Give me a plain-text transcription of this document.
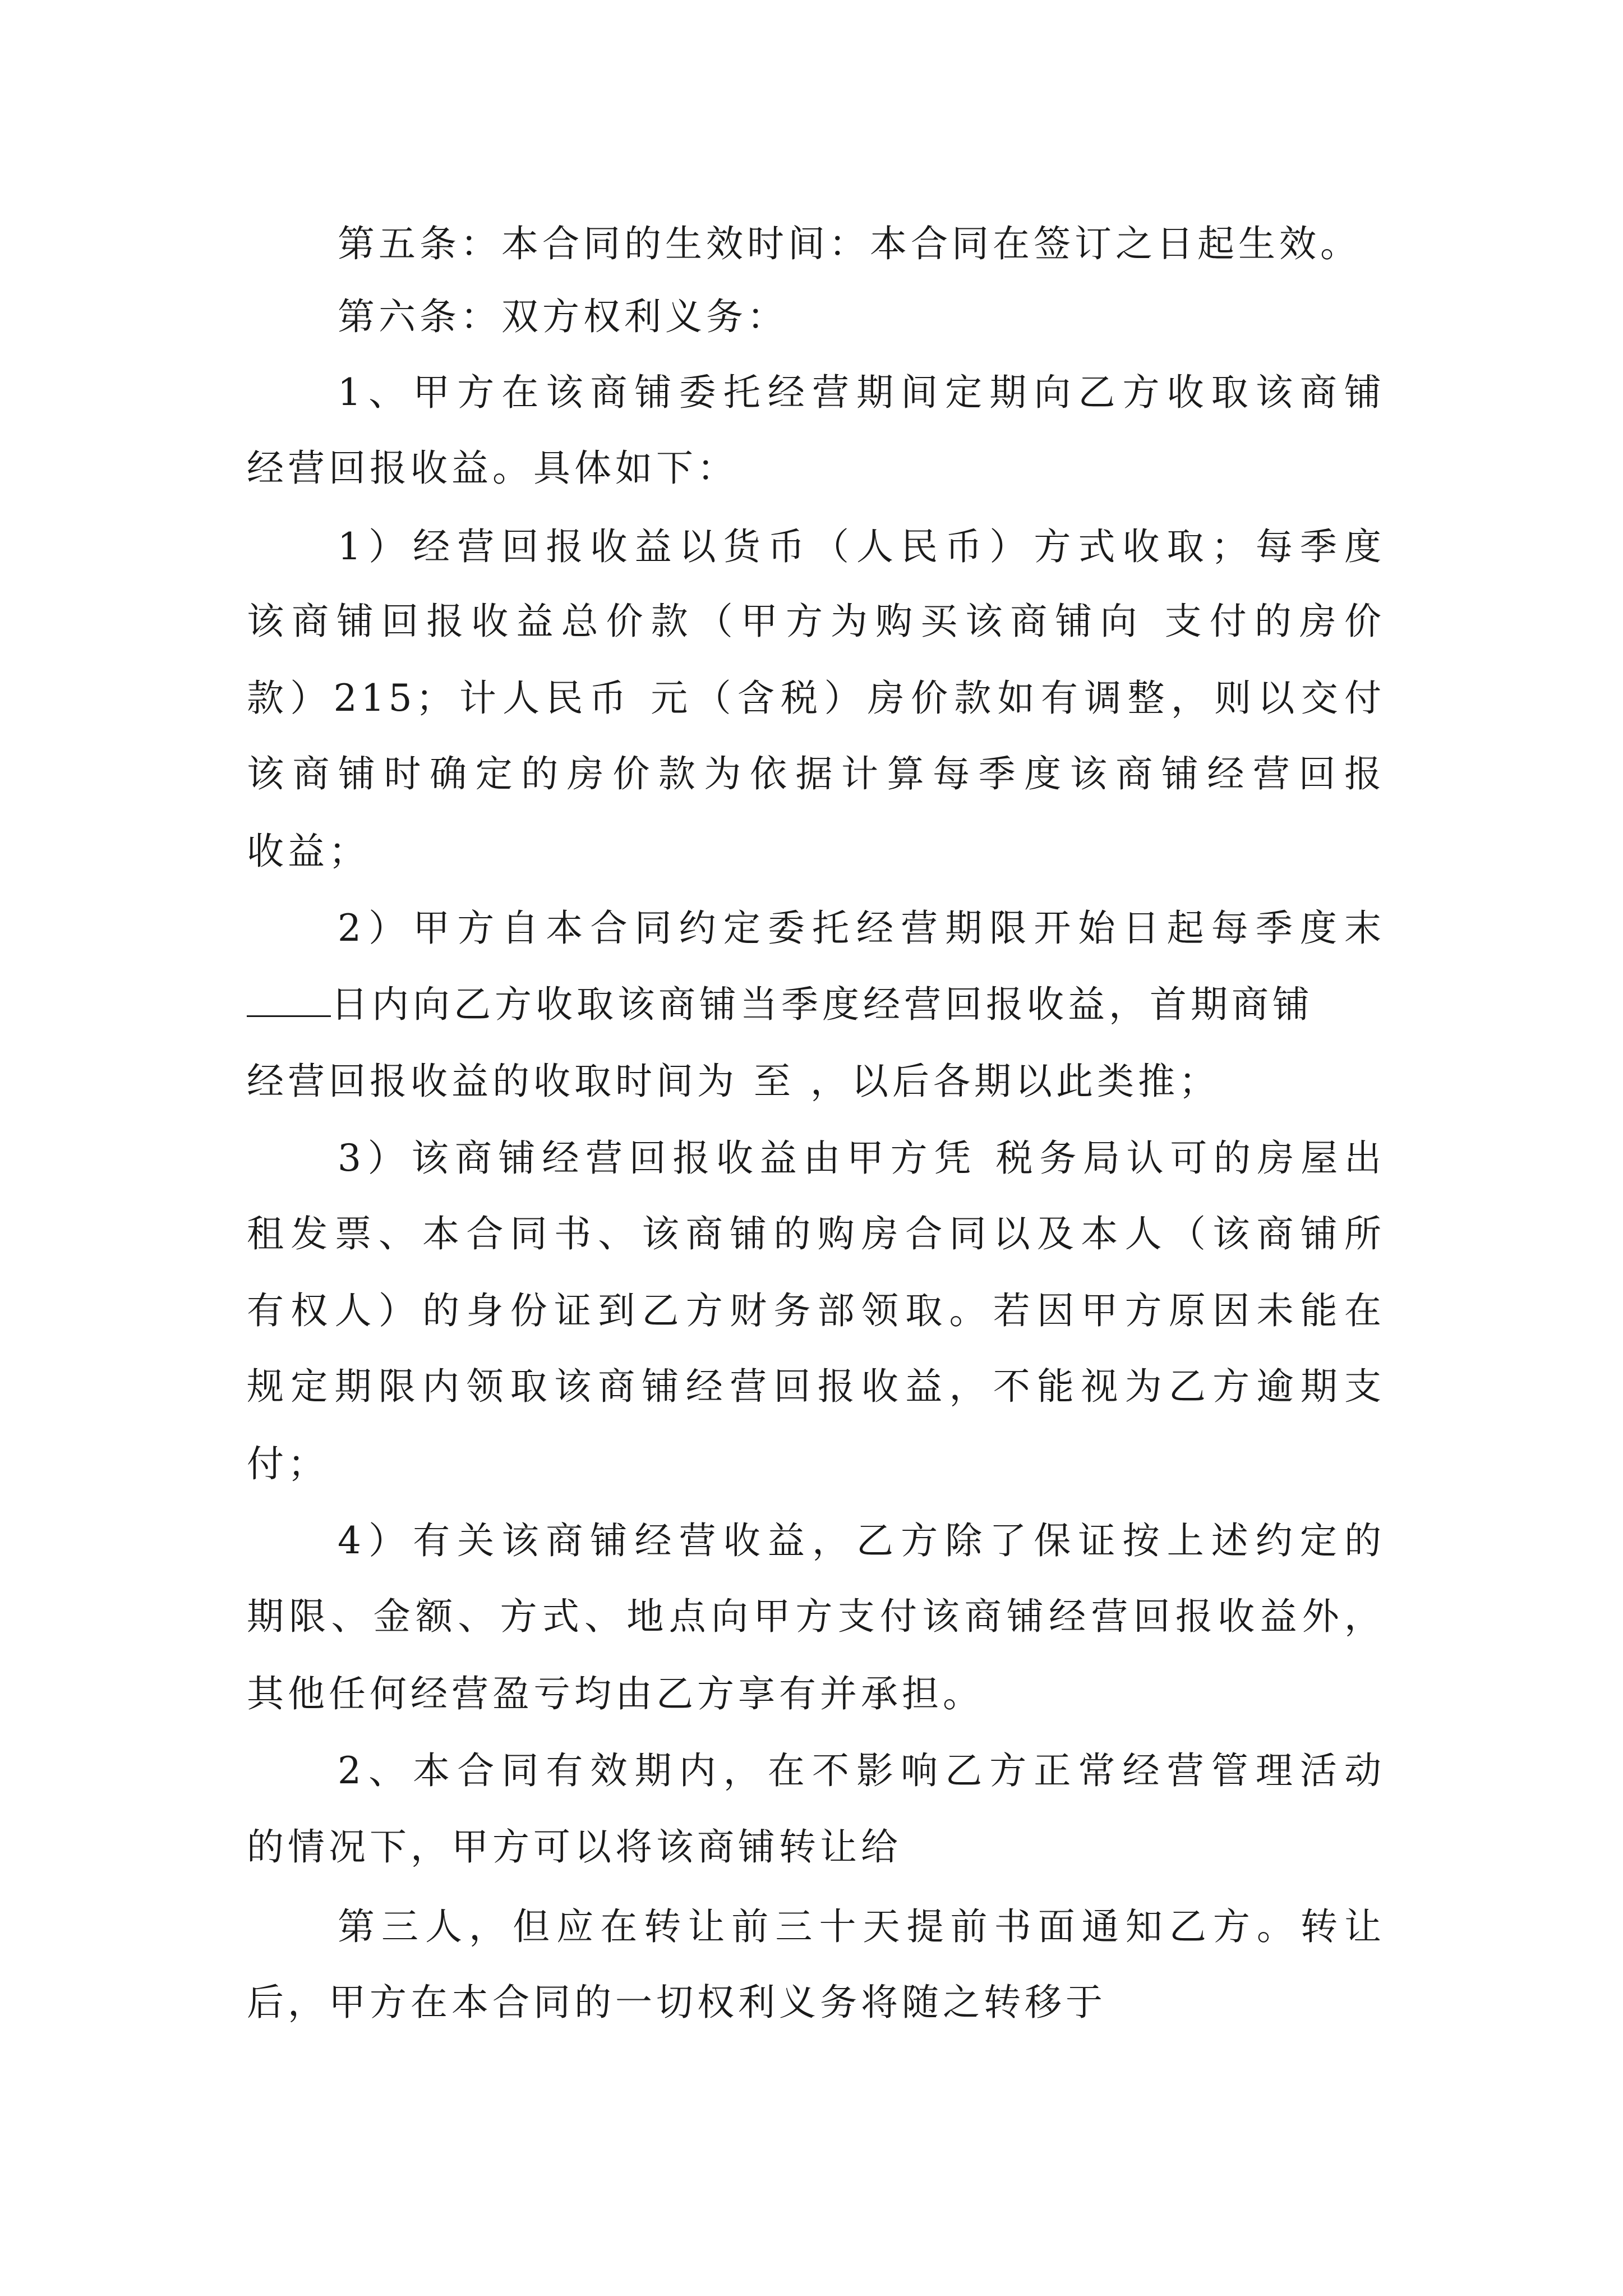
第五条：本合同的生效时间：本合同在签订之日起生效。

第六条：双方权利义务：

1、甲方在该商铺委托经营期间定期向乙方收取该商铺

经营回报收益。具体如下：

1）经营回报收益以货币（人民币）方式收取；每季度

该商铺回报收益总价款（甲方为购买该商铺向 支付的房价

款）215；计人民币 元（含税）房价款如有调整，则以交付

该商铺时确定的房价款为依据计算每季度该商铺经营回报

收益；

2）甲方自本合同约定委托经营期限开始日起每季度末

日内向乙方收取该商铺当季度经营回报收益，首期商铺

经营回报收益的收取时间为 至 ，以后各期以此类推；

3）该商铺经营回报收益由甲方凭 税务局认可的房屋出

租发票、本合同书、该商铺的购房合同以及本人（该商铺所

有权人）的身份证到乙方财务部领取。若因甲方原因未能在

规定期限内领取该商铺经营回报收益，不能视为乙方逾期支

付；

4）有关该商铺经营收益，乙方除了保证按上述约定的

期限、金额、方式、地点向甲方支付该商铺经营回报收益外，

其他任何经营盈亏均由乙方享有并承担。

2、本合同有效期内，在不影响乙方正常经营管理活动

的情况下，甲方可以将该商铺转让给

第三人，但应在转让前三十天提前书面通知乙方。转让

后，甲方在本合同的一切权利义务将随之转移于
